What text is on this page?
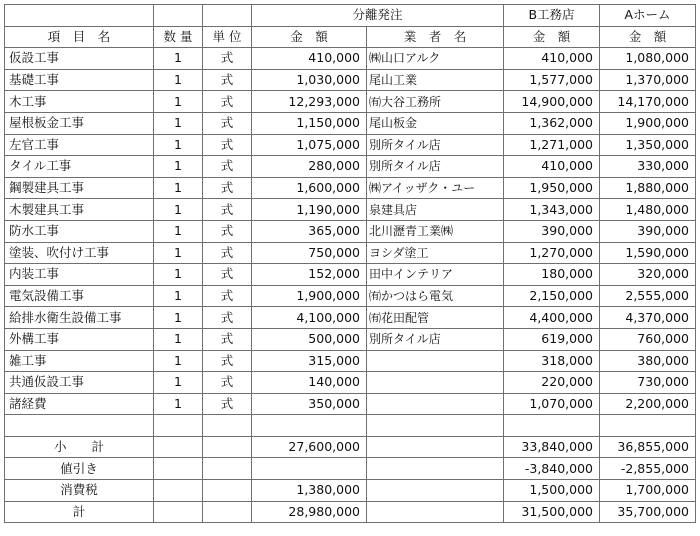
			分離発注		B工務店	Aホーム
項　目　名	数 量	単 位	金　額	業　者　名	金　額	金　額
仮設工事	1	式	410,000	㈱山口アルク	410,000	1,080,000
基礎工事	1	式	1,030,000	尾山工業	1,577,000	1,370,000
木工事	1	式	12,293,000	㈲大谷工務所	14,900,000	14,170,000
屋根板金工事	1	式	1,150,000	尾山板金	1,362,000	1,900,000
左官工事	1	式	1,075,000	別所タイル店	1,271,000	1,350,000
タイル工事	1	式	280,000	別所タイル店	410,000	330,000
鋼製建具工事	1	式	1,600,000	㈱アイッザク・ユー	1,950,000	1,880,000
木製建具工事	1	式	1,190,000	泉建具店	1,343,000	1,480,000
防水工事	1	式	365,000	北川瀝青工業㈱	390,000	390,000
塗装、吹付け工事	1	式	750,000	ヨシダ塗工	1,270,000	1,590,000
内装工事	1	式	152,000	田中インテリア	180,000	320,000
電気設備工事	1	式	1,900,000	㈲かつはら電気	2,150,000	2,555,000
給排水衛生設備工事	1	式	4,100,000	㈲花田配管	4,400,000	4,370,000
外構工事	1	式	500,000	別所タイル店	619,000	760,000
雑工事	1	式	315,000		318,000	380,000
共通仮設工事	1	式	140,000		220,000	730,000
諸経費	1	式	350,000		1,070,000	2,200,000

小　　計			27,600,000		33,840,000	36,855,000
値引き					-3,840,000	-2,855,000
消費税			1,380,000		1,500,000	1,700,000
計			28,980,000		31,500,000	35,700,000
